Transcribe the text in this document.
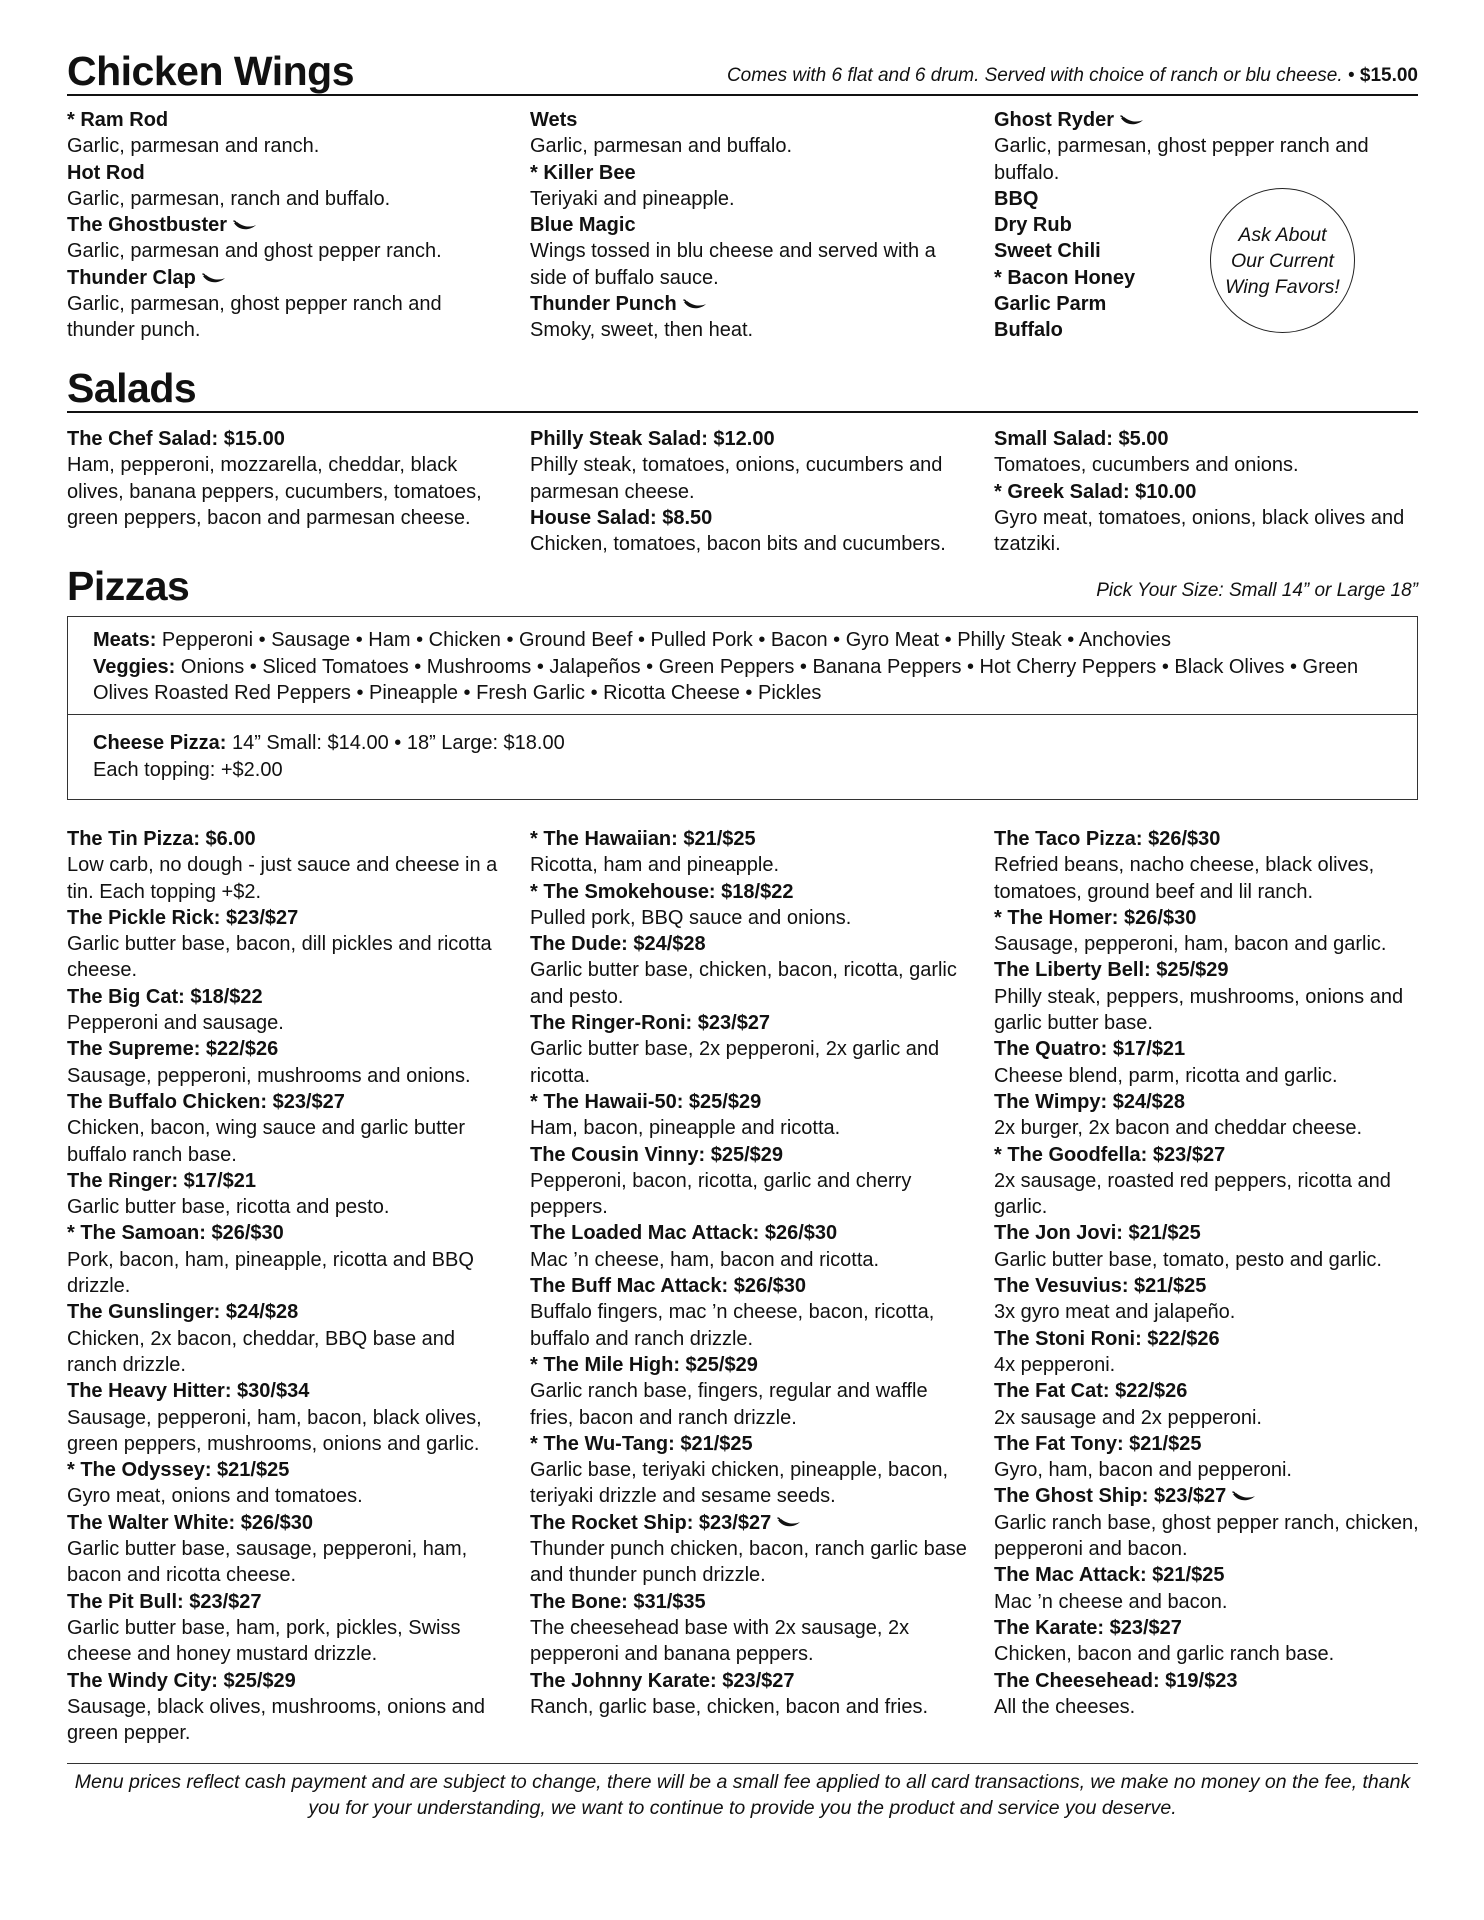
Chicken Wings	Comes with 6 flat and 6 drum. Served with choice of ranch or blu cheese. • $15.00
* Ram Rod
Garlic, parmesan and ranch.
Hot Rod
Garlic, parmesan, ranch and buffalo.
The Ghostbuster
Garlic, parmesan and ghost pepper ranch.
Thunder Clap
Garlic, parmesan, ghost pepper ranch and thunder punch.
Wets
Garlic, parmesan and buffalo.
* Killer Bee
Teriyaki and pineapple.
Blue Magic
Wings tossed in blu cheese and served with a side of buffalo sauce.
Thunder Punch
Smoky, sweet, then heat.
Ghost Ryder
Garlic, parmesan, ghost pepper ranch and buffalo.
BBQ
Dry Rub
Sweet Chili
* Bacon Honey
Garlic Parm
Buffalo
Ask About
Our Current
Wing Favors!
Salads
The Chef Salad: $15.00
Ham, pepperoni, mozzarella, cheddar, black olives, banana peppers, cucumbers, tomatoes, green peppers, bacon and parmesan cheese.
Philly Steak Salad: $12.00
Philly steak, tomatoes, onions, cucumbers and parmesan cheese.
House Salad: $8.50
Chicken, tomatoes, bacon bits and cucumbers.
Small Salad: $5.00
Tomatoes, cucumbers and onions.
* Greek Salad: $10.00
Gyro meat, tomatoes, onions, black olives and tzatziki.
Pizzas	Pick Your Size: Small 14” or Large 18”
Meats: Pepperoni • Sausage • Ham • Chicken • Ground Beef • Pulled Pork • Bacon • Gyro Meat • Philly Steak • Anchovies
Veggies: Onions • Sliced Tomatoes • Mushrooms • Jalapeños • Green Peppers • Banana Peppers • Hot Cherry Peppers • Black Olives • Green Olives Roasted Red Peppers • Pineapple • Fresh Garlic • Ricotta Cheese • Pickles
Cheese Pizza: 14” Small: $14.00 • 18” Large: $18.00
Each topping: +$2.00
The Tin Pizza: $6.00
Low carb, no dough - just sauce and cheese in a tin. Each topping +$2.
The Pickle Rick: $23/$27
Garlic butter base, bacon, dill pickles and ricotta cheese.
The Big Cat: $18/$22
Pepperoni and sausage.
The Supreme: $22/$26
Sausage, pepperoni, mushrooms and onions.
The Buffalo Chicken: $23/$27
Chicken, bacon, wing sauce and garlic butter buffalo ranch base.
The Ringer: $17/$21
Garlic butter base, ricotta and pesto.
* The Samoan: $26/$30
Pork, bacon, ham, pineapple, ricotta and BBQ drizzle.
The Gunslinger: $24/$28
Chicken, 2x bacon, cheddar, BBQ base and ranch drizzle.
The Heavy Hitter: $30/$34
Sausage, pepperoni, ham, bacon, black olives, green peppers, mushrooms, onions and garlic.
* The Odyssey: $21/$25
Gyro meat, onions and tomatoes.
The Walter White: $26/$30
Garlic butter base, sausage, pepperoni, ham, bacon and ricotta cheese.
The Pit Bull: $23/$27
Garlic butter base, ham, pork, pickles, Swiss cheese and honey mustard drizzle.
The Windy City: $25/$29
Sausage, black olives, mushrooms, onions and green pepper.
* The Hawaiian: $21/$25
Ricotta, ham and pineapple.
* The Smokehouse: $18/$22
Pulled pork, BBQ sauce and onions.
The Dude: $24/$28
Garlic butter base, chicken, bacon, ricotta, garlic and pesto.
The Ringer-Roni: $23/$27
Garlic butter base, 2x pepperoni, 2x garlic and ricotta.
* The Hawaii-50: $25/$29
Ham, bacon, pineapple and ricotta.
The Cousin Vinny: $25/$29
Pepperoni, bacon, ricotta, garlic and cherry peppers.
The Loaded Mac Attack: $26/$30
Mac ’n cheese, ham, bacon and ricotta.
The Buff Mac Attack: $26/$30
Buffalo fingers, mac ’n cheese, bacon, ricotta, buffalo and ranch drizzle.
* The Mile High: $25/$29
Garlic ranch base, fingers, regular and waffle fries, bacon and ranch drizzle.
* The Wu-Tang: $21/$25
Garlic base, teriyaki chicken, pineapple, bacon, teriyaki drizzle and sesame seeds.
The Rocket Ship: $23/$27
Thunder punch chicken, bacon, ranch garlic base and thunder punch drizzle.
The Bone: $31/$35
The cheesehead base with 2x sausage, 2x pepperoni and banana peppers.
The Johnny Karate: $23/$27
Ranch, garlic base, chicken, bacon and fries.
The Taco Pizza: $26/$30
Refried beans, nacho cheese, black olives, tomatoes, ground beef and lil ranch.
* The Homer: $26/$30
Sausage, pepperoni, ham, bacon and garlic.
The Liberty Bell: $25/$29
Philly steak, peppers, mushrooms, onions and garlic butter base.
The Quatro: $17/$21
Cheese blend, parm, ricotta and garlic.
The Wimpy: $24/$28
2x burger, 2x bacon and cheddar cheese.
* The Goodfella: $23/$27
2x sausage, roasted red peppers, ricotta and garlic.
The Jon Jovi: $21/$25
Garlic butter base, tomato, pesto and garlic.
The Vesuvius: $21/$25
3x gyro meat and jalapeño.
The Stoni Roni: $22/$26
4x pepperoni.
The Fat Cat: $22/$26
2x sausage and 2x pepperoni.
The Fat Tony: $21/$25
Gyro, ham, bacon and pepperoni.
The Ghost Ship: $23/$27
Garlic ranch base, ghost pepper ranch, chicken, pepperoni and bacon.
The Mac Attack: $21/$25
Mac ’n cheese and bacon.
The Karate: $23/$27
Chicken, bacon and garlic ranch base.
The Cheesehead: $19/$23
All the cheeses.
Menu prices reflect cash payment and are subject to change, there will be a small fee applied to all card transactions, we make no money on the fee, thank
you for your understanding, we want to continue to provide you the product and service you deserve.
